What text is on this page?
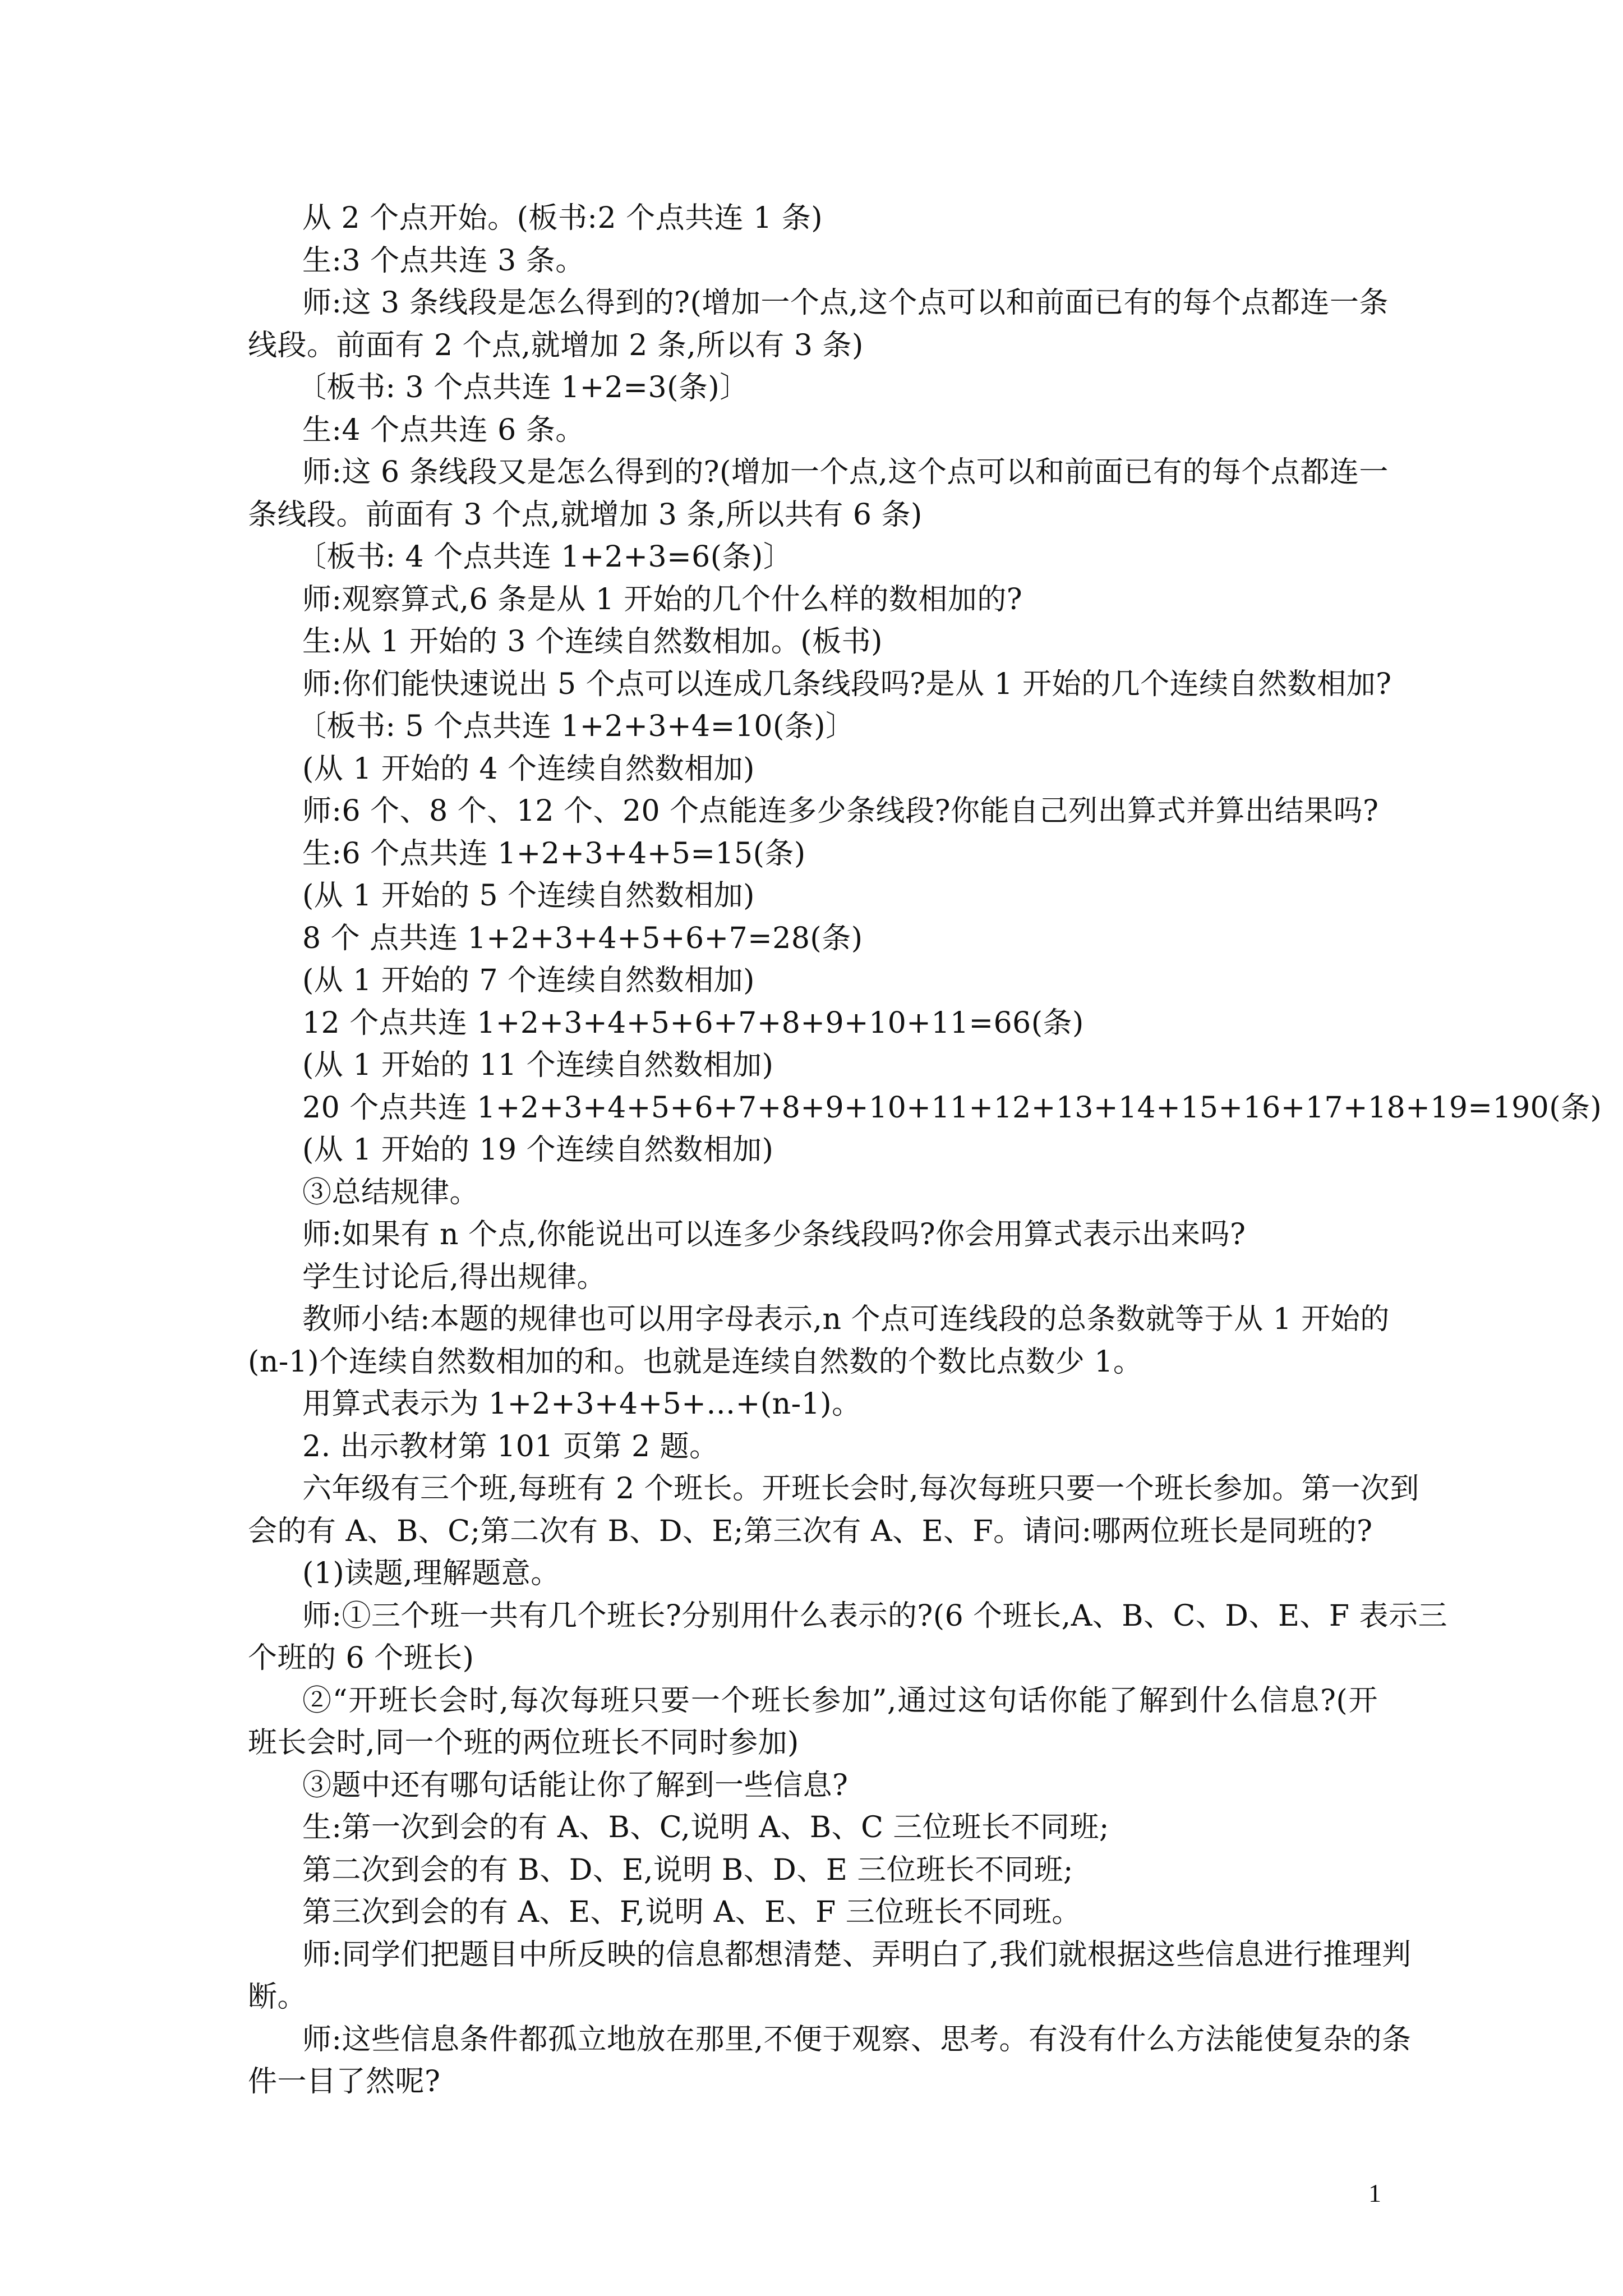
从 2 个点开始。(板书:2 个点共连 1 条)
生:3 个点共连 3 条。
师:这 3 条线段是怎么得到的?(增加一个点,这个点可以和前面已有的每个点都连一条
线段。前面有 2 个点,就增加 2 条,所以有 3 条)
〔板书: 3 个点共连 1+2=3(条)〕
生:4 个点共连 6 条。
师:这 6 条线段又是怎么得到的?(增加一个点,这个点可以和前面已有的每个点都连一
条线段。前面有 3 个点,就增加 3 条,所以共有 6 条)
〔板书: 4 个点共连 1+2+3=6(条)〕
师:观察算式,6 条是从 1 开始的几个什么样的数相加的?
生:从 1 开始的 3 个连续自然数相加。(板书)
师:你们能快速说出 5 个点可以连成几条线段吗?是从 1 开始的几个连续自然数相加?
〔板书: 5 个点共连 1+2+3+4=10(条)〕
(从 1 开始的 4 个连续自然数相加)
师:6 个、8 个、12 个、20 个点能连多少条线段?你能自己列出算式并算出结果吗?
生:6 个点共连 1+2+3+4+5=15(条)
(从 1 开始的 5 个连续自然数相加)
8 个 点共连 1+2+3+4+5+6+7=28(条)
(从 1 开始的 7 个连续自然数相加)
12 个点共连 1+2+3+4+5+6+7+8+9+10+11=66(条)
(从 1 开始的 11 个连续自然数相加)
20 个点共连 1+2+3+4+5+6+7+8+9+10+11+12+13+14+15+16+17+18+19=190(条)
(从 1 开始的 19 个连续自然数相加)
③总结规律。
师:如果有 n 个点,你能说出可以连多少条线段吗?你会用算式表示出来吗?
学生讨论后,得出规律。
教师小结:本题的规律也可以用字母表示,n 个点可连线段的总条数就等于从 1 开始的
(n-1)个连续自然数相加的和。也就是连续自然数的个数比点数少 1。
用算式表示为 1+2+3+4+5+…+(n-1)。
2. 出示教材第 101 页第 2 题。
六年级有三个班,每班有 2 个班长。开班长会时,每次每班只要一个班长参加。第一次到
会的有 A、B、C;第二次有 B、D、E;第三次有 A、E、F。请问:哪两位班长是同班的?
(1)读题,理解题意。
师:①三个班一共有几个班长?分别用什么表示的?(6 个班长,A、B、C、D、E、F 表示三
个班的 6 个班长)
②“开班长会时,每次每班只要一个班长参加”,通过这句话你能了解到什么信息?(开
班长会时,同一个班的两位班长不同时参加)
③题中还有哪句话能让你了解到一些信息?
生:第一次到会的有 A、B、C,说明 A、B、C 三位班长不同班;
第二次到会的有 B、D、E,说明 B、D、E 三位班长不同班;
第三次到会的有 A、E、F,说明 A、E、F 三位班长不同班。
师:同学们把题目中所反映的信息都想清楚、弄明白了,我们就根据这些信息进行推理判
断。
师:这些信息条件都孤立地放在那里,不便于观察、思考。有没有什么方法能使复杂的条
件一目了然呢?
1
